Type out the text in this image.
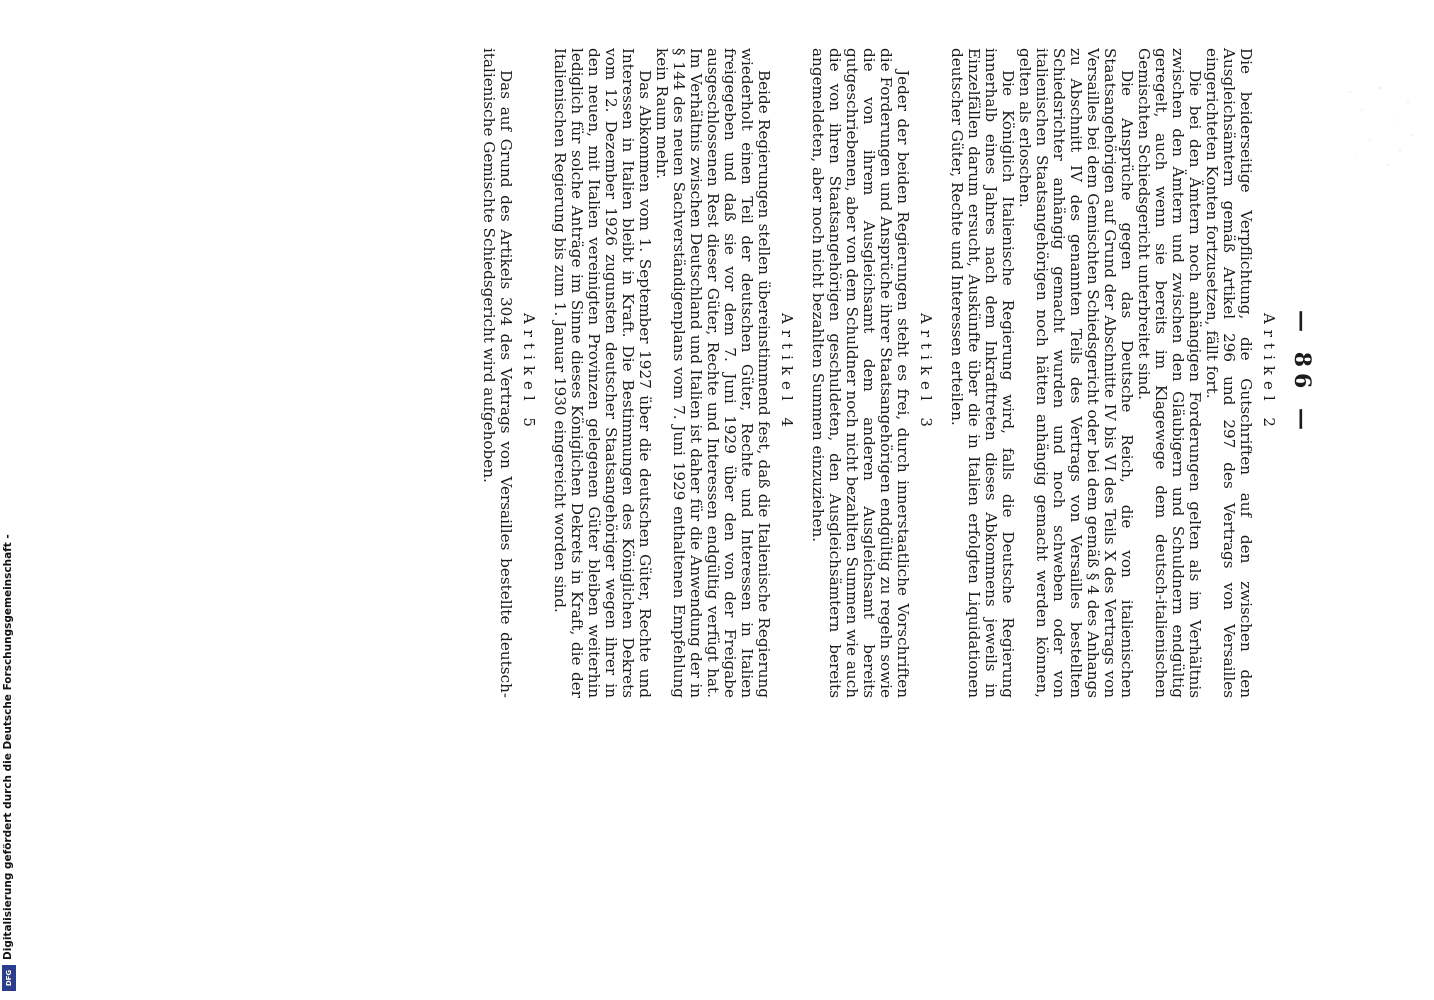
— 86 —
Artikel 2

Die beiderseitige Verpflichtung, die Gutschriften auf den zwischen den Ausgleichsämtern gemäß Artikel 296 und 297 des Vertrags von Versailles eingerichteten Konten fortzusetzen, fällt fort.

Die bei den Ämtern noch anhängigen Forderungen gelten als im Verhältnis zwischen den Ämtern und zwischen den Gläubigern und Schuldnern endgültig geregelt, auch wenn sie bereits im Klagewege dem deutsch-italienischen Gemischten Schiedsgericht unterbreitet sind.

Die Ansprüche gegen das Deutsche Reich, die von italienischen Staatsangehörigen auf Grund der Abschnitte IV bis VI des Teils X des Vertrags von Versailles bei dem Gemischten Schiedsgericht oder bei dem gemäß § 4 des Anhangs zu Abschnitt IV des genannten Teils des Vertrags von Versailles bestellten Schiedsrichter anhängig gemacht wurden und noch schweben oder von italienischen Staatsangehörigen noch hätten anhängig gemacht werden können, gelten als erloschen.

Die Königlich Italienische Regierung wird, falls die Deutsche Regierung innerhalb eines Jahres nach dem Inkrafttreten dieses Abkommens jeweils in Einzelfällen darum ersucht, Auskünfte über die in Italien erfolgten Liquidationen deutscher Güter, Rechte und Interessen erteilen.

Artikel 3

Jeder der beiden Regierungen steht es frei, durch innerstaatliche Vorschriften die Forderungen und Ansprüche ihrer Staatsangehörigen endgültig zu regeln sowie die von ihrem Ausgleichsamt dem anderen Ausgleichsamt bereits gutgeschriebenen, aber von dem Schuldner noch nicht bezahlten Summen wie auch die von ihren Staatsangehörigen geschuldeten, den Ausgleichsämtern bereits angemeldeten, aber noch nicht bezahlten Summen einzuziehen.

Artikel 4

Beide Regierungen stellen übereinstimmend fest, daß die Italienische Regierung wiederholt einen Teil der deutschen Güter, Rechte und Interessen in Italien freigegeben und daß sie vor dem 7. Juni 1929 über den von der Freigabe ausgeschlossenen Rest dieser Güter, Rechte und Interessen endgültig verfügt hat. Im Verhältnis zwischen Deutschland und Italien ist daher für die Anwendung der in § 144 des neuen Sachverständigenplans vom 7. Juni 1929 enthaltenen Empfehlung kein Raum mehr.

Das Abkommen vom 1. September 1927 über die deutschen Güter, Rechte und Interessen in Italien bleibt in Kraft. Die Bestimmungen des Königlichen Dekrets vom 12. Dezember 1926 zugunsten deutscher Staatsangehöriger wegen ihrer in den neuen, mit Italien vereinigten Provinzen gelegenen Güter bleiben weiterhin lediglich für solche Anträge im Sinne dieses Königlichen Dekrets in Kraft, die der Italienischen Regierung bis zum 1. Januar 1930 eingereicht worden sind.

Artikel 5

Das auf Grund des Artikels 304 des Vertrags von Versailles bestellte deutsch-italienische Gemischte Schiedsgericht wird aufgehoben.

Digitalisierung gefördert durch die Deutsche Forschungsgemeinschaft -
DFG
